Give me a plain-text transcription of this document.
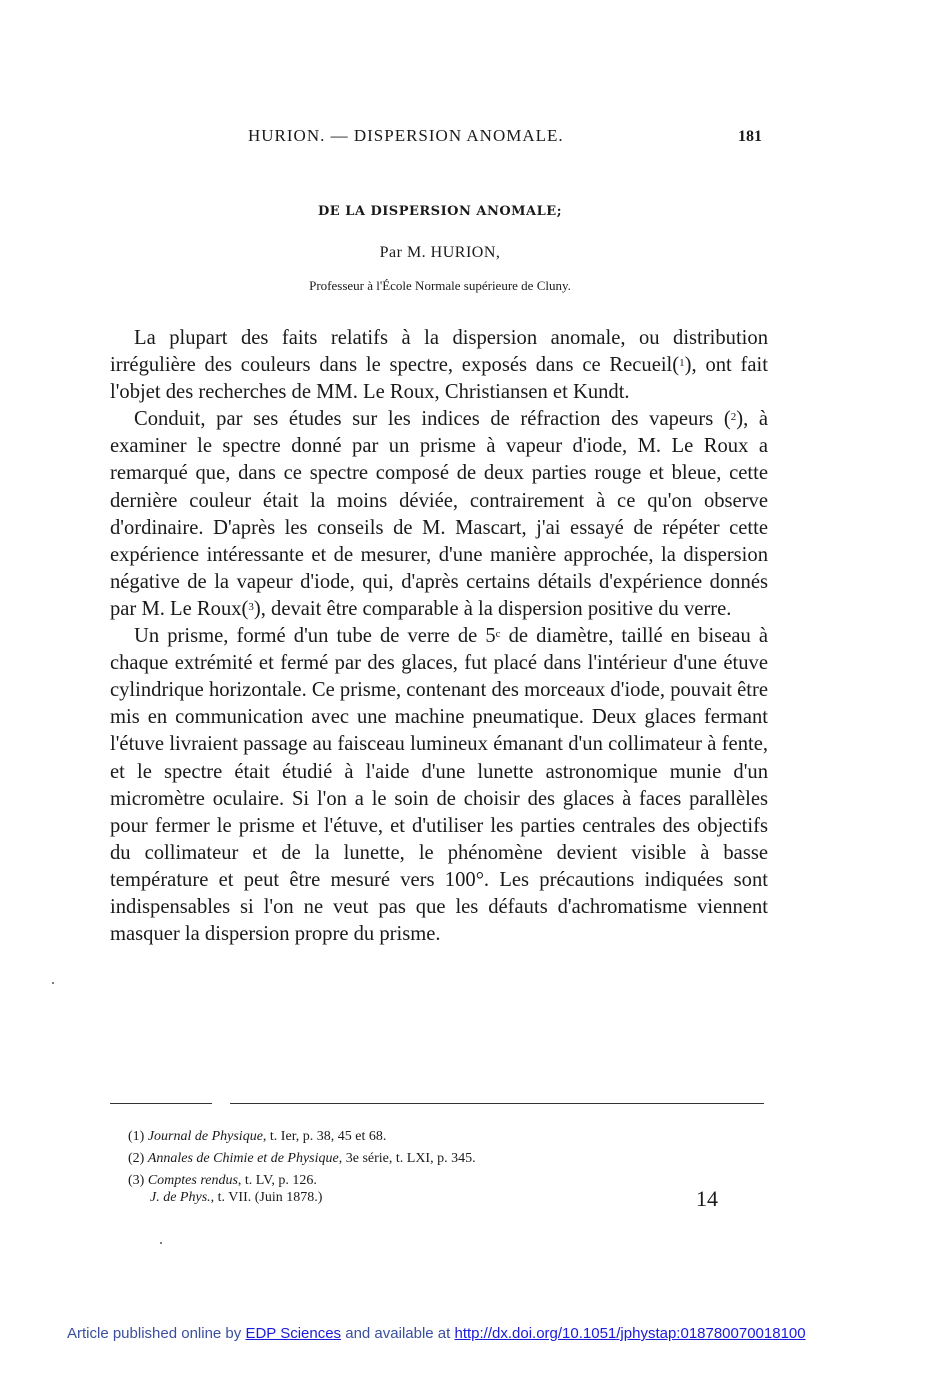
HURION. — DISPERSION ANOMALE.	181
DE LA DISPERSION ANOMALE;
Par M. HURION,
Professeur à l'École Normale supérieure de Cluny.

La plupart des faits relatifs à la dispersion anomale, ou distribution irrégulière des couleurs dans le spectre, exposés dans ce Recueil($^1$), ont fait l'objet des recherches de MM. Le Roux, Christiansen et Kundt.

Conduit, par ses études sur les indices de réfraction des vapeurs ($^2$), à examiner le spectre donné par un prisme à vapeur d'iode, M. Le Roux a remarqué que, dans ce spectre composé de deux parties rouge et bleue, cette dernière couleur était la moins déviée, contrairement à ce qu'on observe d'ordinaire. D'après les conseils de M. Mascart, j'ai essayé de répéter cette expérience intéressante et de mesurer, d'une manière approchée, la dispersion négative de la vapeur d'iode, qui, d'après certains détails d'expérience donnés par M. Le Roux($^3$), devait être comparable à la dispersion positive du verre.

Un prisme, formé d'un tube de verre de 5$^c$ de diamètre, taillé en biseau à chaque extrémité et fermé par des glaces, fut placé dans l'intérieur d'une étuve cylindrique horizontale. Ce prisme, contenant des morceaux d'iode, pouvait être mis en communication avec une machine pneumatique. Deux glaces fermant l'étuve livraient passage au faisceau lumineux émanant d'un collimateur à fente, et le spectre était étudié à l'aide d'une lunette astronomique munie d'un micromètre oculaire. Si l'on a le soin de choisir des glaces à faces parallèles pour fermer le prisme et l'étuve, et d'utiliser les parties centrales des objectifs du collimateur et de la lunette, le phénomène devient visible à basse température et peut être mesuré vers 100°. Les précautions indiquées sont indispensables si l'on ne veut pas que les défauts d'achromatisme viennent masquer la dispersion propre du prisme.

(1) Journal de Physique, t. Ier, p. 38, 45 et 68.
(2) Annales de Chimie et de Physique, 3e série, t. LXI, p. 345.
(3) Comptes rendus, t. LV, p. 126.
J. de Phys., t. VII. (Juin 1878.)	14
Article published online by EDP Sciences and available at http://dx.doi.org/10.1051/jphystap:018780070018100
